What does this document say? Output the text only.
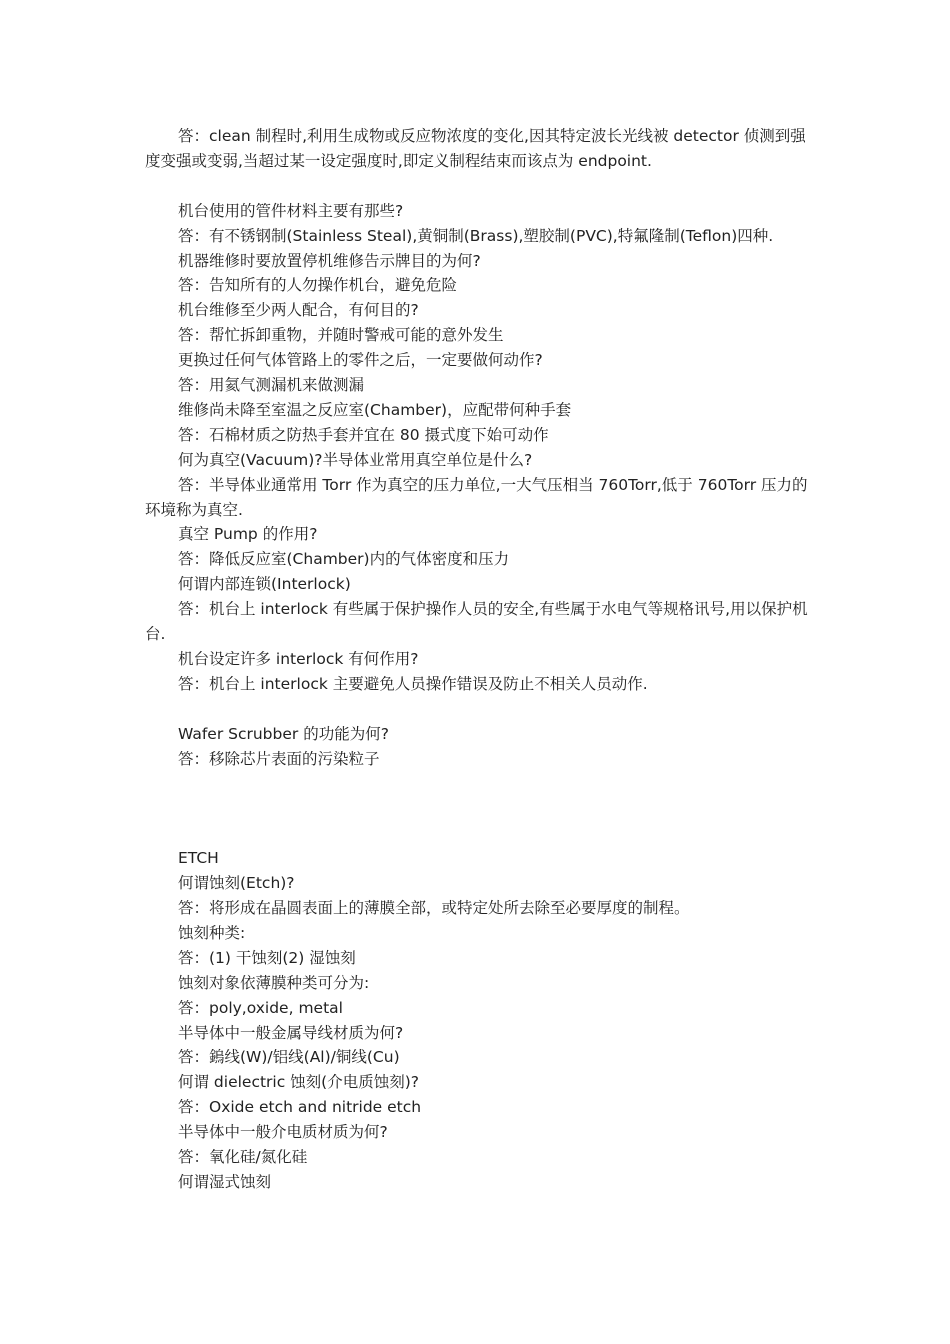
答：clean 制程时,利用生成物或反应物浓度的变化,因其特定波长光线被 detector 侦测到强度变强或变弱,当超过某一设定强度时,即定义制程结束而该点为 endpoint.

机台使用的管件材料主要有那些?

答：有不锈钢制(Stainless Steal),黄铜制(Brass),塑胶制(PVC),特氟隆制(Teflon)四种.

机器维修时要放置停机维修告示牌目的为何?

答：告知所有的人勿操作机台，避免危险

机台维修至少两人配合，有何目的?

答：帮忙拆卸重物，并随时警戒可能的意外发生

更换过任何气体管路上的零件之后，一定要做何动作?

答：用氦气测漏机来做测漏

维修尚未降至室温之反应室(Chamber)，应配带何种手套

答：石棉材质之防热手套并宜在 80 摄式度下始可动作

何为真空(Vacuum)?半导体业常用真空单位是什么?

答：半导体业通常用 Torr 作为真空的压力单位,一大气压相当 760Torr,低于 760Torr 压力的环境称为真空.

真空 Pump 的作用?

答：降低反应室(Chamber)内的气体密度和压力

何谓内部连锁(Interlock)

答：机台上 interlock 有些属于保护操作人员的安全,有些属于水电气等规格讯号,用以保护机台.

机台设定许多 interlock 有何作用?

答：机台上 interlock 主要避免人员操作错误及防止不相关人员动作.

Wafer Scrubber 的功能为何?

答：移除芯片表面的污染粒子

ETCH

何谓蚀刻(Etch)?

答：将形成在晶圆表面上的薄膜全部，或特定处所去除至必要厚度的制程。

蚀刻种类:

答：(1) 干蚀刻(2) 湿蚀刻

蚀刻对象依薄膜种类可分为:

答：poly,oxide, metal

半导体中一般金属导线材质为何?

答：鎢线(W)/铝线(Al)/铜线(Cu)

何谓 dielectric 蚀刻(介电质蚀刻)?

答：Oxide etch and nitride etch

半导体中一般介电质材质为何?

答：氧化硅/氮化硅

何谓湿式蚀刻
